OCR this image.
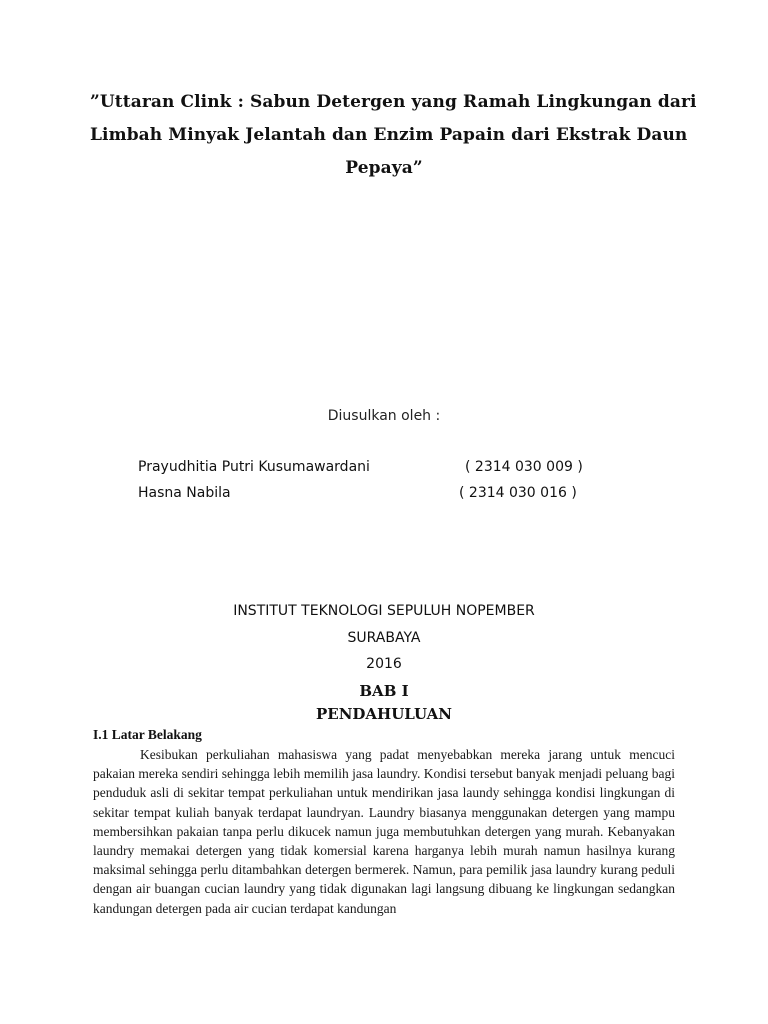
”Uttaran Clink : Sabun Detergen yang Ramah Lingkungan dari
Limbah Minyak Jelantah dan Enzim Papain dari Ekstrak Daun
Pepaya”
Diusulkan oleh :
Prayudhitia Putri Kusumawardani	( 2314 030 009 )
Hasna Nabila	( 2314 030 016 )
INSTITUT TEKNOLOGI SEPULUH NOPEMBER
SURABAYA
2016
BAB I
PENDAHULUAN
I.1 Latar Belakang
Kesibukan perkuliahan mahasiswa yang padat menyebabkan mereka jarang untuk mencuci pakaian mereka sendiri sehingga lebih memilih jasa laundry. Kondisi tersebut banyak menjadi peluang bagi penduduk asli di sekitar tempat perkuliahan untuk mendirikan jasa laundy sehingga kondisi lingkungan di sekitar tempat kuliah banyak terdapat laundryan. Laundry biasanya menggunakan detergen yang mampu membersihkan pakaian tanpa perlu dikucek namun juga membutuhkan detergen yang murah. Kebanyakan laundry memakai detergen yang tidak komersial karena harganya lebih murah namun hasilnya kurang maksimal sehingga perlu ditambahkan detergen bermerek. Namun, para pemilik jasa laundry kurang peduli dengan air buangan cucian laundry yang tidak digunakan lagi langsung dibuang ke lingkungan sedangkan kandungan detergen pada air cucian terdapat kandungan
